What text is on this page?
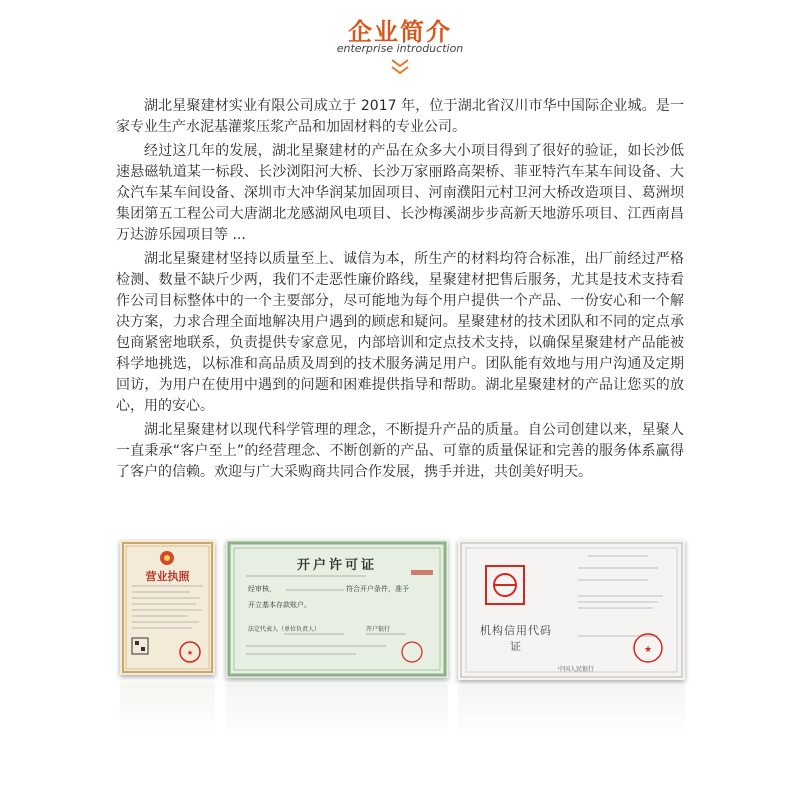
企业简介
enterprise introduction

湖北星聚建材实业有限公司成立于 2017 年，位于湖北省汉川市华中国际企业城。是一家专业生产水泥基灌浆压浆产品和加固材料的专业公司。

经过这几年的发展，湖北星聚建材的产品在众多大小项目得到了很好的验证，如长沙低速悬磁轨道某一标段、长沙浏阳河大桥、长沙万家丽路高架桥、菲亚特汽车某车间设备、大众汽车某车间设备、深圳市大冲华润某加固项目、河南濮阳元村卫河大桥改造项目、葛洲坝集团第五工程公司大唐湖北龙感湖风电项目、长沙梅溪湖步步高新天地游乐项目、江西南昌万达游乐园项目等 ...

湖北星聚建材坚持以质量至上、诚信为本，所生产的材料均符合标准，出厂前经过严格检测、数量不缺斤少两，我们不走恶性廉价路线，星聚建材把售后服务，尤其是技术支持看作公司目标整体中的一个主要部分，尽可能地为每个用户提供一个产品、一份安心和一个解决方案，力求合理全面地解决用户遇到的顾虑和疑问。星聚建材的技术团队和不同的定点承包商紧密地联系，负责提供专家意见，内部培训和定点技术支持，以确保星聚建材产品能被科学地挑选，以标准和高品质及周到的技术服务满足用户。团队能有效地与用户沟通及定期回访，为用户在使用中遇到的问题和困难提供指导和帮助。湖北星聚建材的产品让您买的放心，用的安心。

湖北星聚建材以现代科学管理的理念，不断提升产品的质量。自公司创建以来，星聚人一直秉承“客户至上”的经营理念、不断创新的产品、可靠的质量保证和完善的服务体系赢得了客户的信赖。欢迎与广大采购商共同合作发展，携手并进，共创美好明天。

★
营业执照
开户许可证
经审核，	符合开户条件，准予
开立基本存款账户。
法定代表人（单位负责人）	开户银行
★
机构信用代码证
中国人民银行
